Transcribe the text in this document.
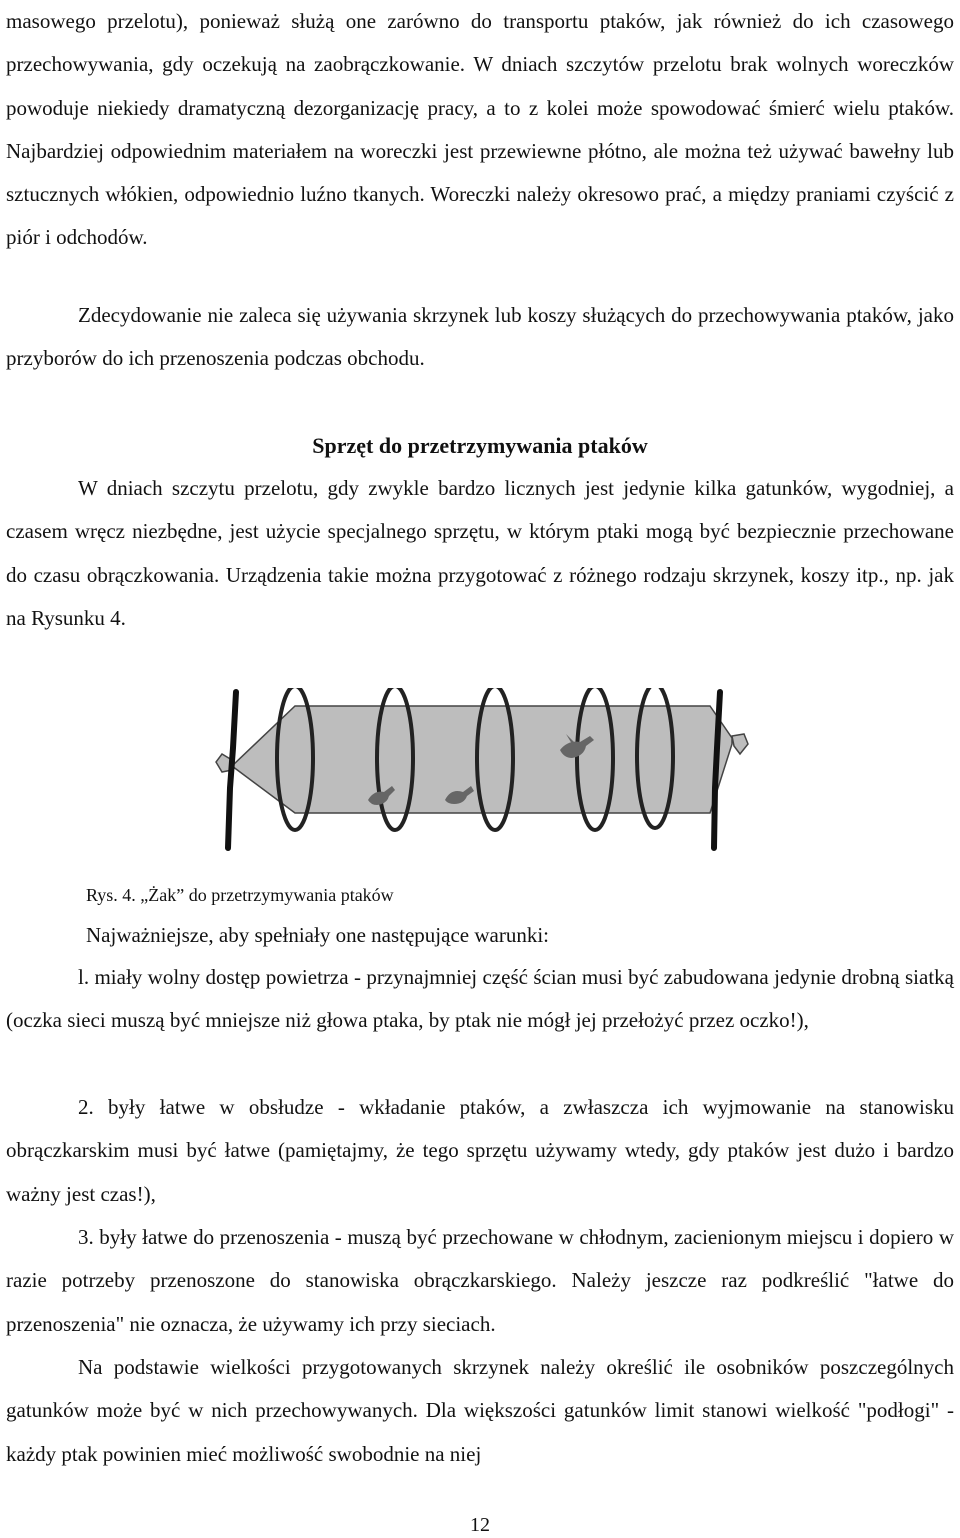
masowego przelotu), ponieważ służą one zarówno do transportu ptaków, jak również do ich czasowego przechowywania, gdy oczekują na zaobrączkowanie. W dniach szczytów przelotu brak wolnych woreczków powoduje niekiedy dramatyczną dezorganizację pracy, a to z kolei może spowodować śmierć wielu ptaków. Najbardziej odpowiednim materiałem na woreczki jest przewiewne płótno, ale można też używać bawełny lub sztucznych włókien, odpowiednio luźno tkanych. Woreczki należy okresowo prać, a między praniami czyścić z piór i odchodów.

Zdecydowanie nie zaleca się używania skrzynek lub koszy służących do przechowywania ptaków, jako przyborów do ich przenoszenia podczas obchodu.

Sprzęt do przetrzymywania ptaków

W dniach szczytu przelotu, gdy zwykle bardzo licznych jest jedynie kilka gatunków, wygodniej, a czasem wręcz niezbędne, jest użycie specjalnego sprzętu, w którym ptaki mogą być bezpiecznie przechowane do czasu obrączkowania. Urządzenia takie można przygotować z różnego rodzaju skrzynek, koszy itp., np. jak na Rysunku 4.

Rys. 4. „Żak” do przetrzymywania ptaków
Najważniejsze, aby spełniały one następujące warunki:

l. miały wolny dostęp powietrza - przynajmniej część ścian musi być zabudowana jedynie drobną siatką (oczka sieci muszą być mniejsze niż głowa ptaka, by ptak nie mógł jej przełożyć przez oczko!),

2. były łatwe w obsłudze - wkładanie ptaków, a zwłaszcza ich wyjmowanie na stanowisku obrączkarskim musi być łatwe (pamiętajmy, że tego sprzętu używamy wtedy, gdy ptaków jest dużo i bardzo ważny jest czas!),

3. były łatwe do przenoszenia - muszą być przechowane w chłodnym, zacienionym miejscu i dopiero w razie potrzeby przenoszone do stanowiska obrączkarskiego. Należy jeszcze raz podkreślić "łatwe do przenoszenia" nie oznacza, że używamy ich przy sieciach.

Na podstawie wielkości przygotowanych skrzynek należy określić ile osobników poszczególnych gatunków może być w nich przechowywanych. Dla większości gatunków limit stanowi wielkość "podłogi" - każdy ptak powinien mieć możliwość swobodnie na niej

12
